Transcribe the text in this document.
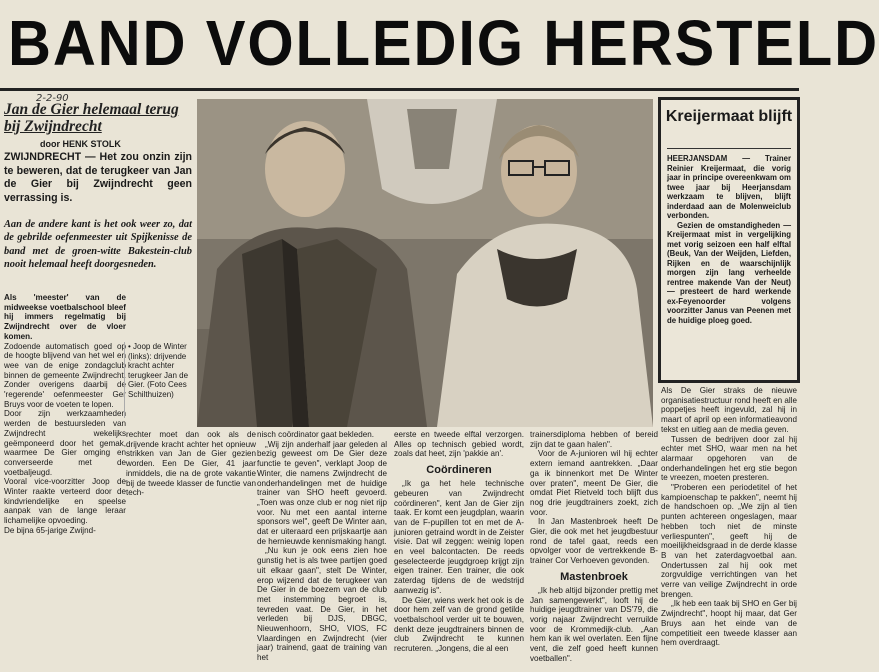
BAND VOLLEDIG HERSTELD
2-2-90
Jan de Gier helemaal terug bij Zwijndrecht
door HENK STOLK
ZWIJNDRECHT — Het zou onzin zijn te beweren, dat de terugkeer van Jan de Gier bij Zwijndrecht geen verrassing is.
Aan de andere kant is het ook weer zo, dat de gebrilde oefenmeester uit Spijkenisse de band met de groen-witte Bakestein-club nooit helemaal heeft doorgesneden.

Als 'meester' van de midweekse voetbalschool bleef hij immers regelmatig bij Zwijndrecht over de vloer komen.

Zodoende automatisch goed op de hoogte blijvend van het wel en wee van de enige zondagclub binnen de gemeente Zwijndrecht. Zonder overigens daarbij de 'regerende' oefenmeester Ger Bruys voor de voeten te lopen.

Door zijn werkzaamheden werden de bestuursleden van Zwijndrecht wekelijks geëmponeerd door het gemak, waarmee De Gier omging en converseerde met de voetbaljeugd.

Vooral vice-voorzitter Joop de Winter raakte verteerd door de kindvriendelijke en speelse aanpak van de lange leraar lichamelijke opvoeding.

De bijna 65-jarige Zwijnd-

• Joop de Winter (links): drijvende kracht achter terugkeer Jan de Gier. (Foto Cees Schilthuizen)
Kreijermaat blijft

HEERJANSDAM — Trainer Reinier Kreijermaat, die vorig jaar in principe overeenkwam om twee jaar bij Heerjansdam werkzaam te blijven, blijft inderdaad aan de Molenweiclub verbonden.

Gezien de omstandigheden — Kreijermaat mist in vergelijking met vorig seizoen een half elftal (Beuk, Van der Weijden, Liefden, Rijken en de waarschijnlijk morgen zijn lang verheelde rentree makende Van der Neut) — presteert de hard werkende ex-Feyenoorder volgens voorzitter Janus van Peenen met de huidige ploeg goed.

Als De Gier straks de nieuwe organisatiestructuur rond heeft en alle poppetjes heeft ingevuld, zal hij in maart of april op een informatieavond tekst en uitleg aan de media geven.

Tussen de bedrijven door zal hij echter met SHO, waar men na het alarmaar opgehoren van de onderhandelingen het erg stie begon te vreezen, moeten presteren.

"Proberen een periodetitel of het kampioenschap te pakken", neemt hij de handschoen op. „We zijn al tien punten achtereen ongeslagen, maar hebben toch niet de minste verliespunten", geeft hij de moeilijkheidsgraad in de derde klasse B van het zaterdagvoetbal aan. Ondertussen zal hij ook met zorgvuldige verrichtingen van het verre van veilige Zwijndrecht in orde brengen.

„Ik heb een taak bij SHO en Ger bij Zwijndrecht", hoopt hij maar, dat Ger Bruys aan het einde van de competitieit een tweede klasser aan hem overdraagt.

rechter moet dan ook als de drijvende kracht achter het opnieuw strikken van Jan de Gier gezien worden. Een De Gier, 41 jaar inmiddels, die na de grote vakantie bij de tweede klasser de functie van tech-

nisch coördinator gaat bekleden.

„Wij zijn anderhalf jaar geleden al bezig geweest om De Gier deze functie te geven", verklapt Joop de Winter, die namens Zwijndrecht de onderhandelingen met de huidige trainer van SHO heeft gevoerd. „Toen was onze club er nog niet rijp voor. Nu met een aantal interne sponsors wel", geeft De Winter aan, dat er uiteraard een prijskaartje aan de hernieuwde kennismaking hangt.

„Nu kun je ook eens zien hoe gunstig het is als twee partijen goed uit elkaar gaan", stelt De Winter, erop wijzend dat de terugkeer van De Gier in de boezem van de club met instemming begroet is, tevreden vaat. De Gier, in het verleden bij DJS, DBGC, Nieuwenhoorn, SHO, VIOS, FC Vlaardingen en Zwijndrecht (vier jaar) trainend, gaat de training van het

eerste en tweede elftal verzorgen. Alles op technisch gebied wordt, zoals dat heet, zijn 'pakkie an'.

Coördineren

„Ik ga het hele technische gebeuren van Zwijndrecht coördineren", kent Jan de Gier zijn taak. Er komt een jeugdplan, waarin van de F-pupillen tot en met de A-junioren getraind wordt in de Zeister visie. Dat wil zeggen: weinig lopen en veel balcontacten. De reeds geselecteerde jeugdgroep krijgt zijn eigen trainer. Een trainer, die ook zaterdag tijdens de de wedstrijd aanwezig is".

De Gier, wiens werk het ook is de door hem zelf van de grond getilde voetbalschool verder uit te bouwen, denkt deze jeugdtrainers binnen de club Zwijndrecht te kunnen recruteren. „Jongens, die al een

trainersdiploma hebben of bereid zijn dat te gaan halen".

Voor de A-junioren wil hij echter extern iemand aantrekken. „Daar ga ik binnenkort met De Winter over praten", meent De Gier, die omdat Piet Rietveld toch blijft dus nog drie jeugdtrainers zoekt, zich voor.

In Jan Mastenbroek heeft De Gier, die ook met het jeugdbestuur rond de tafel gaat, reeds een opvolger voor de vertrekkende B-trainer Cor Verhoeven gevonden.

Mastenbroek

„Ik heb altijd bijzonder prettig met Jan samengewerkt", looft hij de huidige jeugdtrainer van DS'79, die vorig najaar Zwijndrecht verruilde voor de Krommedijk-club. „Aan hem kan ik wel overlaten. Een fijne vent, die zelf goed heeft kunnen voetballen".
